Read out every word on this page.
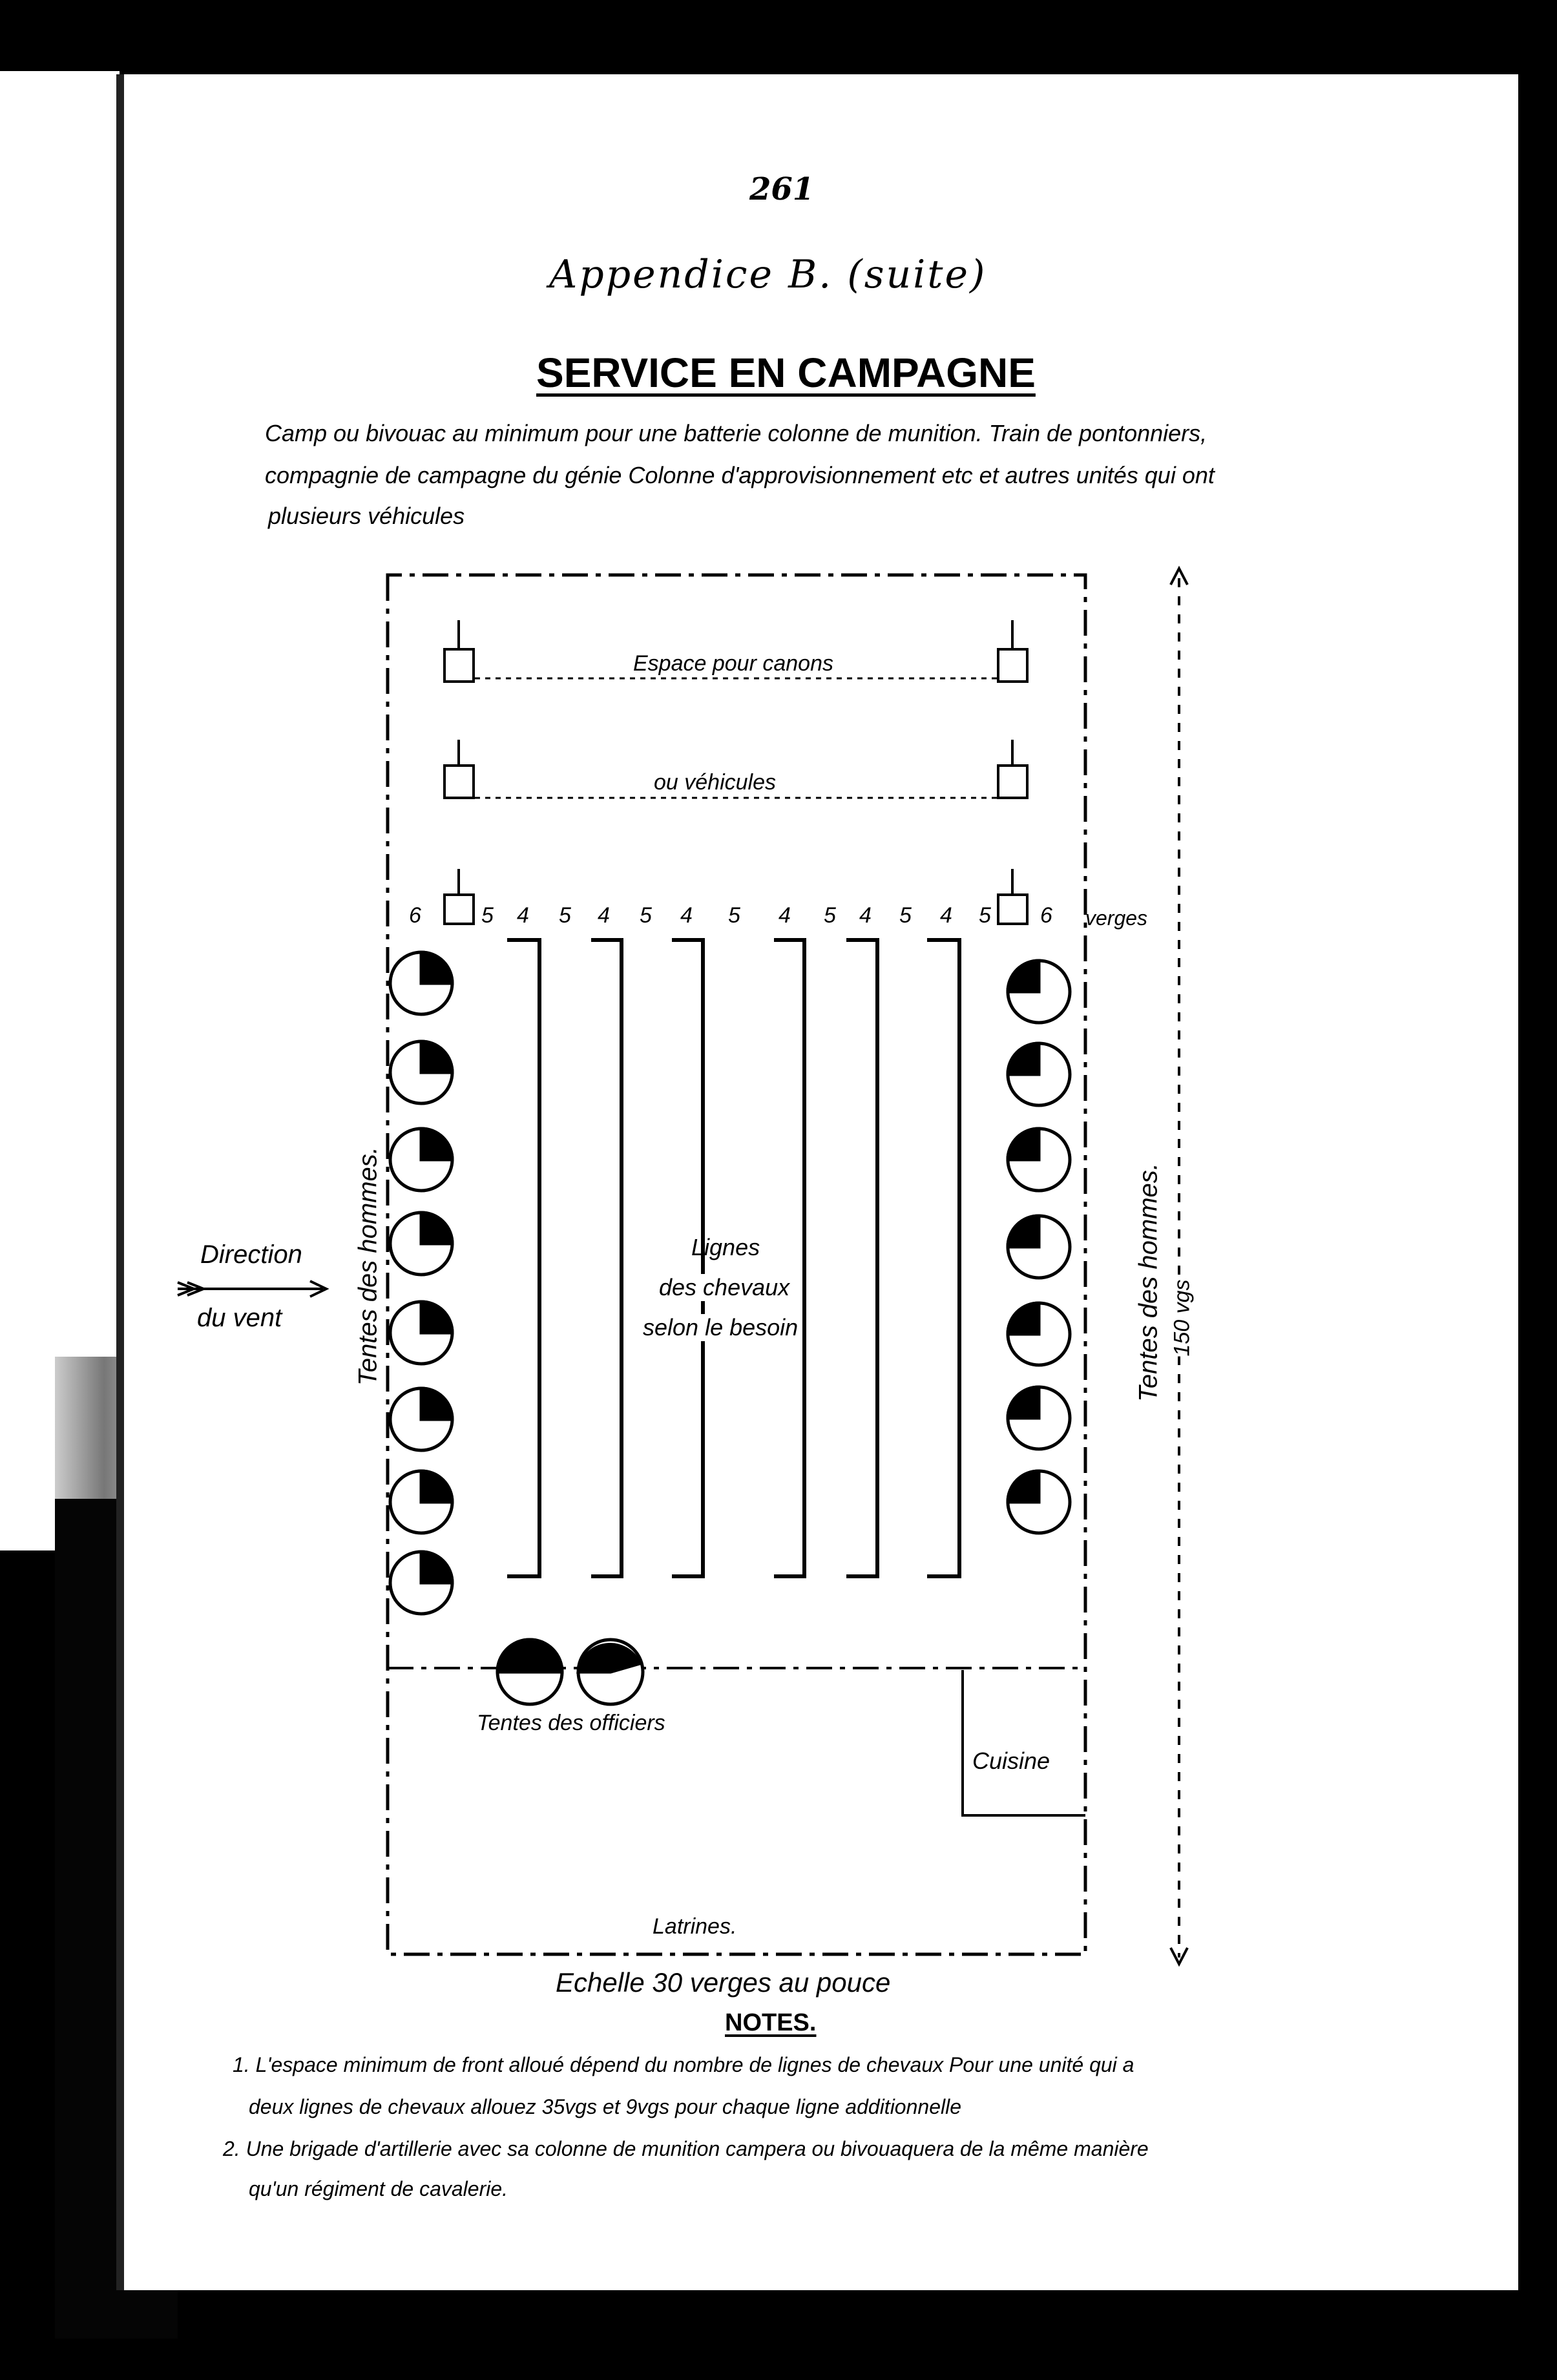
261
Appendice B. (suite)
SERVICE EN CAMPAGNE
Camp ou bivouac au minimum pour une batterie colonne de munition. Train de pontonniers,
compagnie de campagne du génie Colonne d'approvisionnement etc et autres unités qui ont
plusieurs véhicules
Espace pour canons
ou véhicules
6	5 4 5 4 5 4 5 4 5 4 5 4 5 6 verges
Tentes des hommes.	Tentes des hommes. 150 vgs
Lignes
des chevaux
selon le besoin
Direction
du vent
Tentes des officiers
Cuisine
Latrines.
Echelle 30 verges au pouce
NOTES.
1. L'espace minimum de front alloué dépend du nombre de lignes de chevaux Pour une unité qui a
deux lignes de chevaux allouez 35vgs et 9vgs pour chaque ligne additionnelle
2. Une brigade d'artillerie avec sa colonne de munition campera ou bivouaquera de la même manière
qu'un régiment de cavalerie.
